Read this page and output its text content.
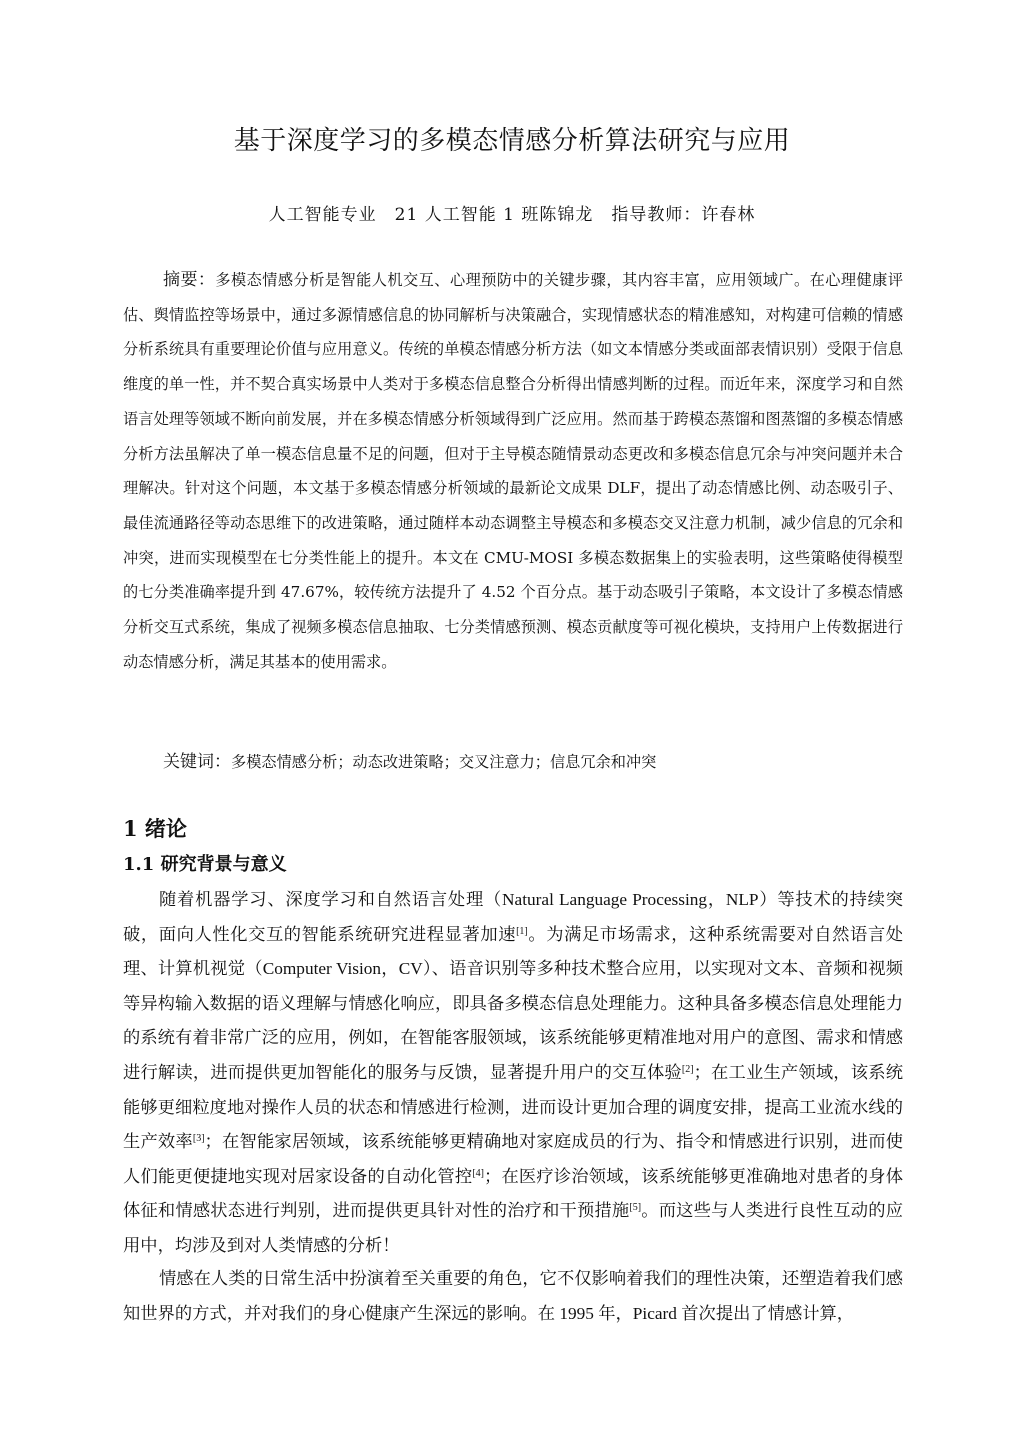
基于深度学习的多模态情感分析算法研究与应用
人工智能专业　21 人工智能 1 班陈锦龙　指导教师：许春林

摘要：多模态情感分析是智能人机交互、心理预防中的关键步骤，其内容丰富，应用领域广。在心理健康评估、舆情监控等场景中，通过多源情感信息的协同解析与决策融合，实现情感状态的精准感知，对构建可信赖的情感分析系统具有重要理论价值与应用意义。传统的单模态情感分析方法（如文本情感分类或面部表情识别）受限于信息维度的单一性，并不契合真实场景中人类对于多模态信息整合分析得出情感判断的过程。而近年来，深度学习和自然语言处理等领域不断向前发展，并在多模态情感分析领域得到广泛应用。然而基于跨模态蒸馏和图蒸馏的多模态情感分析方法虽解决了单一模态信息量不足的问题，但对于主导模态随情景动态更改和多模态信息冗余与冲突问题并未合理解决。针对这个问题，本文基于多模态情感分析领域的最新论文成果 DLF，提出了动态情感比例、动态吸引子、最佳流通路径等动态思维下的改进策略，通过随样本动态调整主导模态和多模态交叉注意力机制，减少信息的冗余和冲突，进而实现模型在七分类性能上的提升。本文在 CMU-MOSI 多模态数据集上的实验表明，这些策略使得模型的七分类准确率提升到 47.67%，较传统方法提升了 4.52 个百分点。基于动态吸引子策略，本文设计了多模态情感分析交互式系统，集成了视频多模态信息抽取、七分类情感预测、模态贡献度等可视化模块，支持用户上传数据进行动态情感分析，满足其基本的使用需求。

关键词：多模态情感分析；动态改进策略；交叉注意力；信息冗余和冲突

1 绪论
1.1 研究背景与意义

随着机器学习、深度学习和自然语言处理（Natural Language Processing，NLP）等技术的持续突破，面向人性化交互的智能系统研究进程显著加速[1]。为满足市场需求，这种系统需要对自然语言处理、计算机视觉（Computer Vision，CV）、语音识别等多种技术整合应用，以实现对文本、音频和视频等异构输入数据的语义理解与情感化响应，即具备多模态信息处理能力。这种具备多模态信息处理能力的系统有着非常广泛的应用，例如，在智能客服领域，该系统能够更精准地对用户的意图、需求和情感进行解读，进而提供更加智能化的服务与反馈，显著提升用户的交互体验[2]；在工业生产领域，该系统能够更细粒度地对操作人员的状态和情感进行检测，进而设计更加合理的调度安排，提高工业流水线的生产效率[3]；在智能家居领域，该系统能够更精确地对家庭成员的行为、指令和情感进行识别，进而使人们能更便捷地实现对居家设备的自动化管控[4]；在医疗诊治领域，该系统能够更准确地对患者的身体体征和情感状态进行判别，进而提供更具针对性的治疗和干预措施[5]。而这些与人类进行良性互动的应用中，均涉及到对人类情感的分析！

情感在人类的日常生活中扮演着至关重要的角色，它不仅影响着我们的理性决策，还塑造着我们感知世界的方式，并对我们的身心健康产生深远的影响。在 1995 年，Picard 首次提出了情感计算，
